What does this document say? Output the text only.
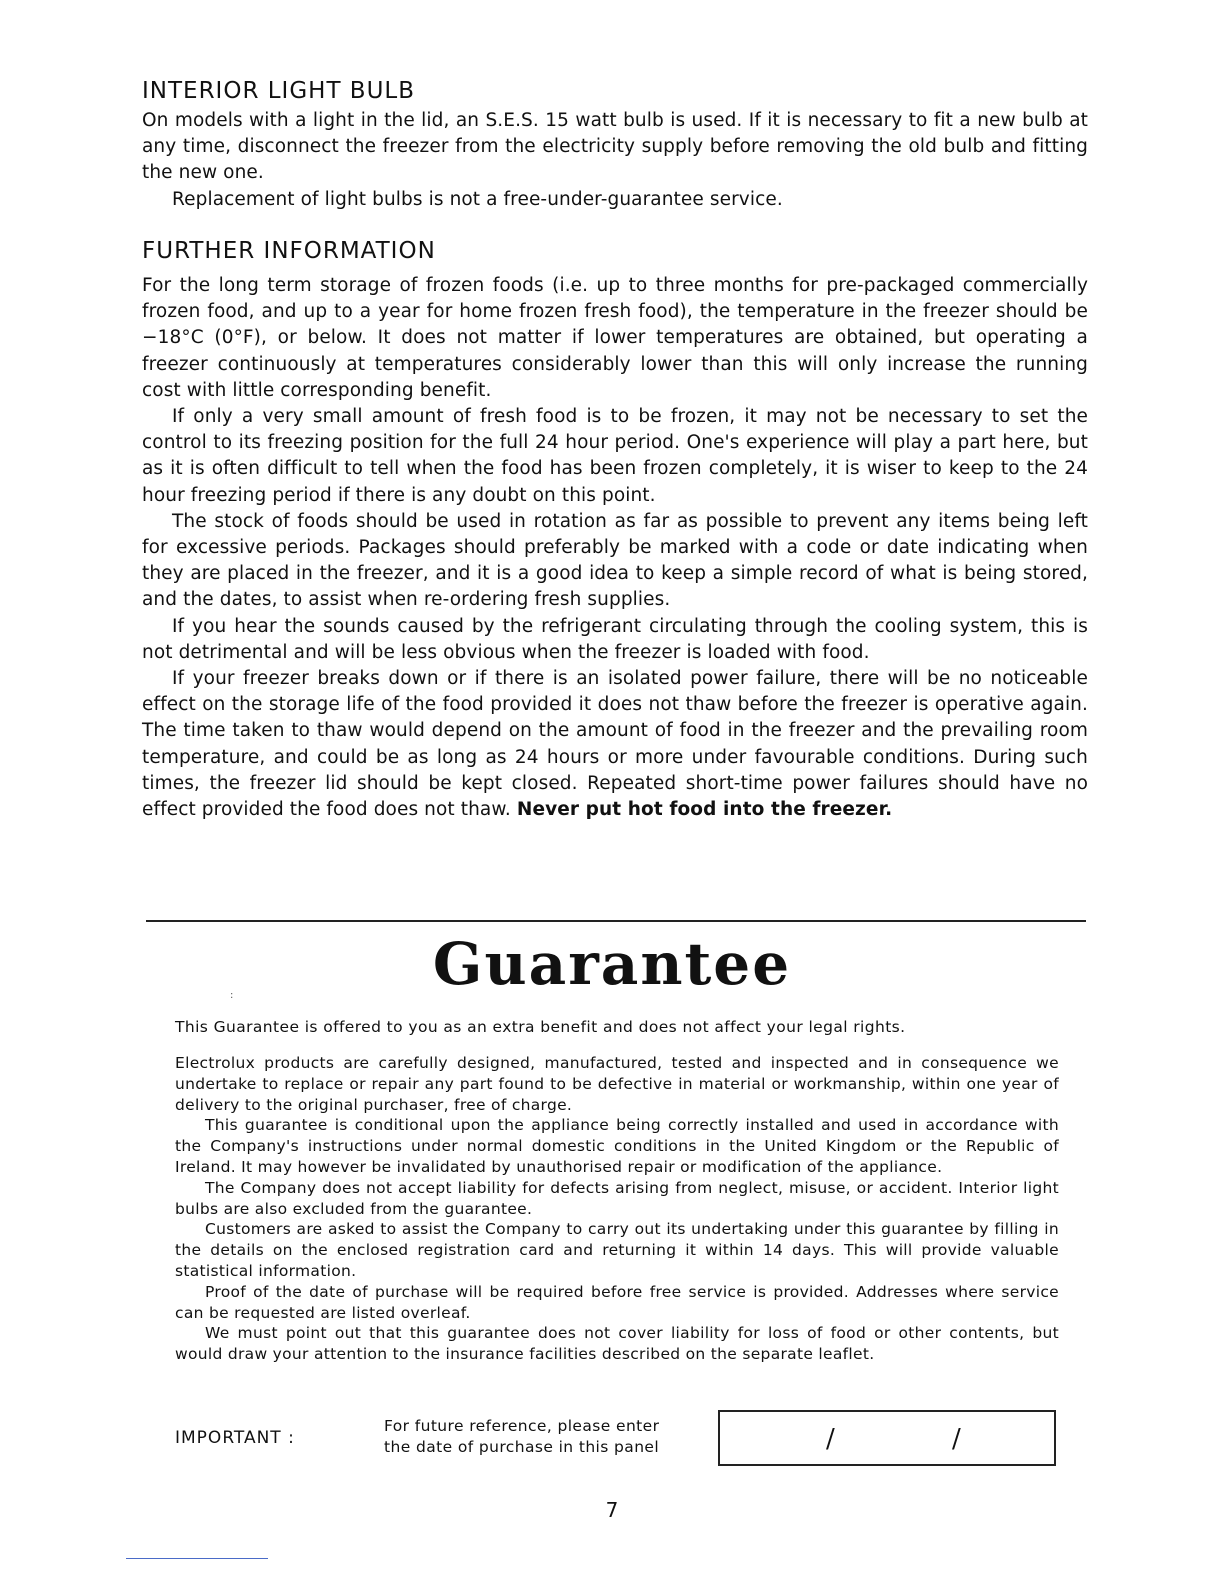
INTERIOR LIGHT BULB

On models with a light in the lid, an S.E.S. 15 watt bulb is used. If it is necessary to fit a new bulb at any time, disconnect the freezer from the electricity supply before removing the old bulb and fitting the new one.

Replacement of light bulbs is not a free-under-guarantee service.

FURTHER INFORMATION

For the long term storage of frozen foods (i.e. up to three months for pre-packaged commercially frozen food, and up to a year for home frozen fresh food), the temperature in the freezer should be −18°C (0°F), or below. It does not matter if lower temperatures are obtained, but operating a freezer continuously at temperatures considerably lower than this will only increase the running cost with little corresponding benefit.

If only a very small amount of fresh food is to be frozen, it may not be necessary to set the control to its freezing position for the full 24 hour period. One's experience will play a part here, but as it is often difficult to tell when the food has been frozen completely, it is wiser to keep to the 24 hour freezing period if there is any doubt on this point.

The stock of foods should be used in rotation as far as possible to prevent any items being left for excessive periods. Packages should preferably be marked with a code or date indicating when they are placed in the freezer, and it is a good idea to keep a simple record of what is being stored, and the dates, to assist when re-ordering fresh supplies.

If you hear the sounds caused by the refrigerant circulating through the cooling system, this is not detrimental and will be less obvious when the freezer is loaded with food.

If your freezer breaks down or if there is an isolated power failure, there will be no noticeable effect on the storage life of the food provided it does not thaw before the freezer is operative again. The time taken to thaw would depend on the amount of food in the freezer and the prevailing room temperature, and could be as long as 24 hours or more under favourable conditions. During such times, the freezer lid should be kept closed. Repeated short-time power failures should have no effect provided the food does not thaw. Never put hot food into the freezer.

Guarantee
:
This Guarantee is offered to you as an extra benefit and does not affect your legal rights.

Electrolux products are carefully designed, manufactured, tested and inspected and in consequence we undertake to replace or repair any part found to be defective in material or workmanship, within one year of delivery to the original purchaser, free of charge.

This guarantee is conditional upon the appliance being correctly installed and used in accordance with the Company's instructions under normal domestic conditions in the United Kingdom or the Republic of Ireland. It may however be invalidated by unauthorised repair or modification of the appliance.

The Company does not accept liability for defects arising from neglect, misuse, or accident. Interior light bulbs are also excluded from the guarantee.

Customers are asked to assist the Company to carry out its undertaking under this guarantee by filling in the details on the enclosed registration card and returning it within 14 days. This will provide valuable statistical information.

Proof of the date of purchase will be required before free service is provided. Addresses where service can be requested are listed overleaf.

We must point out that this guarantee does not cover liability for loss of food or other contents, but would draw your attention to the insurance facilities described on the separate leaflet.

IMPORTANT :
For future reference, please enter
the date of purchase in this panel	/	/
7
